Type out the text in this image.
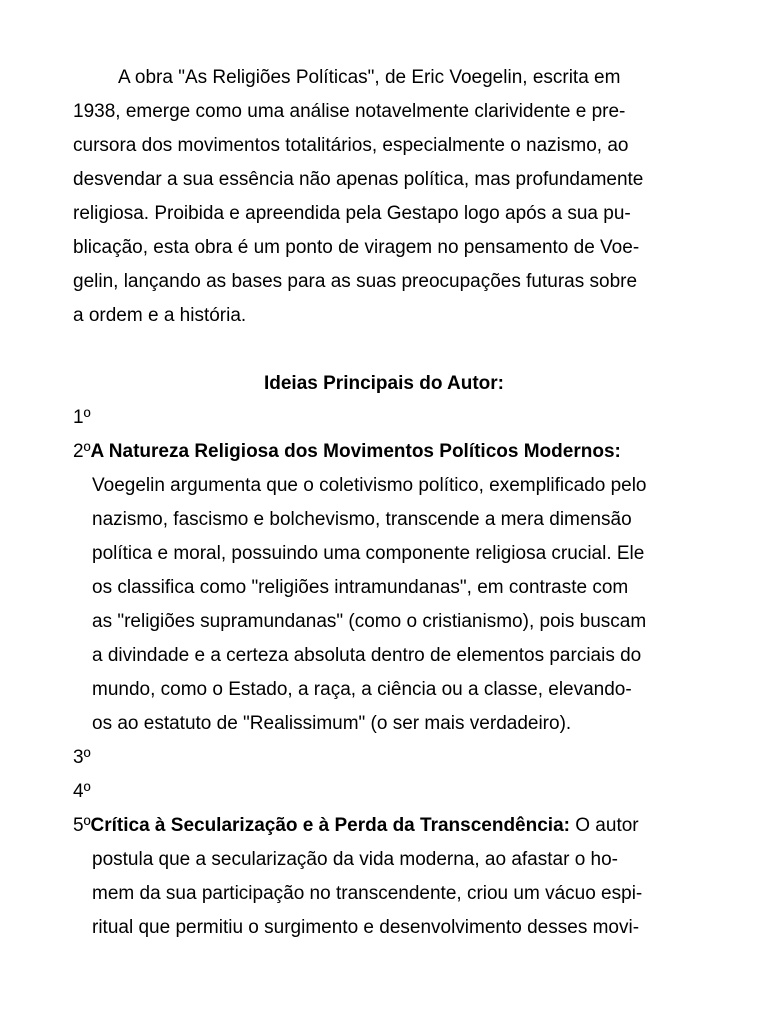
A obra "As Religiões Políticas", de Eric Voegelin, escrita em
1938, emerge como uma análise notavelmente clarividente e pre-
cursora dos movimentos totalitários, especialmente o nazismo, ao
desvendar a sua essência não apenas política, mas profundamente
religiosa. Proibida e apreendida pela Gestapo logo após a sua pu-
blicação, esta obra é um ponto de viragem no pensamento de Voe-
gelin, lançando as bases para as suas preocupações futuras sobre
a ordem e a história.
Ideias Principais do Autor:
1º
2ºA Natureza Religiosa dos Movimentos Políticos Modernos:
Voegelin argumenta que o coletivismo político, exemplificado pelo
nazismo, fascismo e bolchevismo, transcende a mera dimensão
política e moral, possuindo uma componente religiosa crucial. Ele
os classifica como "religiões intramundanas", em contraste com
as "religiões supramundanas" (como o cristianismo), pois buscam
a divindade e a certeza absoluta dentro de elementos parciais do
mundo, como o Estado, a raça, a ciência ou a classe, elevando-
os ao estatuto de "Realissimum" (o ser mais verdadeiro).
3º
4º
5ºCrítica à Secularização e à Perda da Transcendência: O autor
postula que a secularização da vida moderna, ao afastar o ho-
mem da sua participação no transcendente, criou um vácuo espi-
ritual que permitiu o surgimento e desenvolvimento desses movi-
